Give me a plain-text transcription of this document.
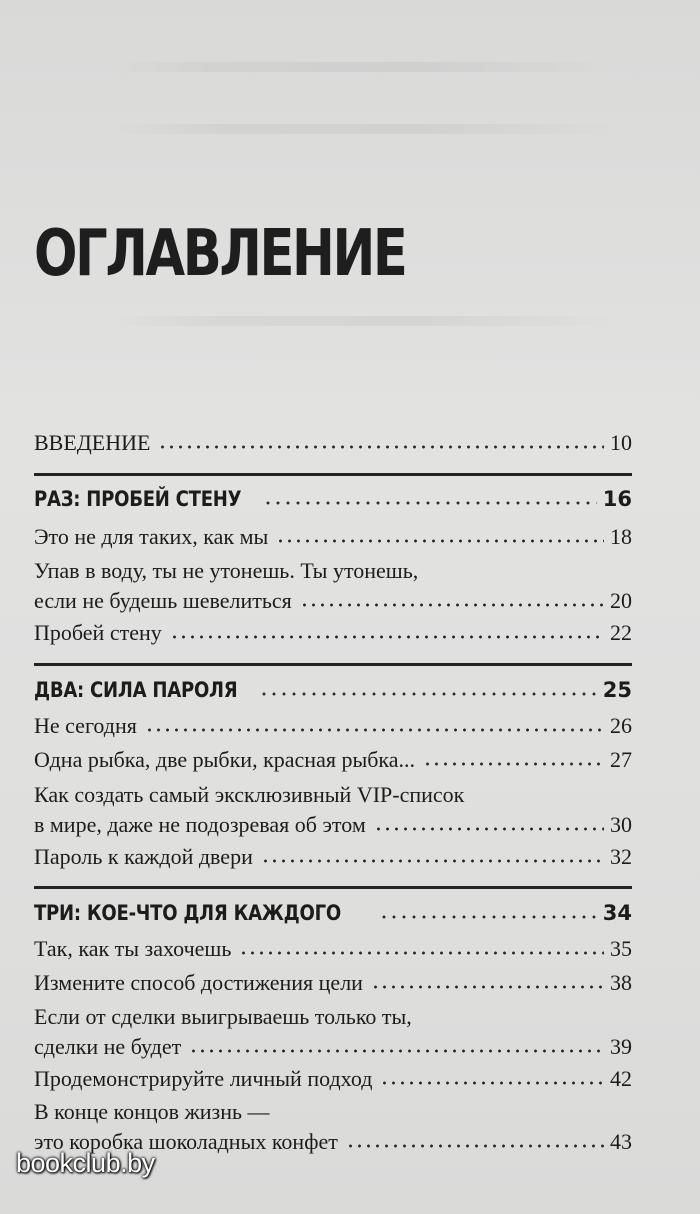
ОГЛАВЛЕНИЕ
ВВЕДЕНИЕ	10
РАЗ: ПРОБЕЙ СТЕНУ	16
Это не для таких, как мы	18
Упав в воду, ты не утонешь. Ты утонешь,
если не будешь шевелиться	20
Пробей стену	22
ДВА: СИЛА ПАРОЛЯ	25
Не сегодня	26
Одна рыбка, две рыбки, красная рыбка...	27
Как создать самый эксклюзивный VIP-список
в мире, даже не подозревая об этом	30
Пароль к каждой двери	32
ТРИ: КОЕ-ЧТО ДЛЯ КАЖДОГО	34
Так, как ты захочешь	35
Измените способ достижения цели	38
Если от сделки выигрываешь только ты,
сделки не будет	39
Продемонстрируйте личный подход	42
В конце концов жизнь —
это коробка шоколадных конфет	43
bookclub.by
